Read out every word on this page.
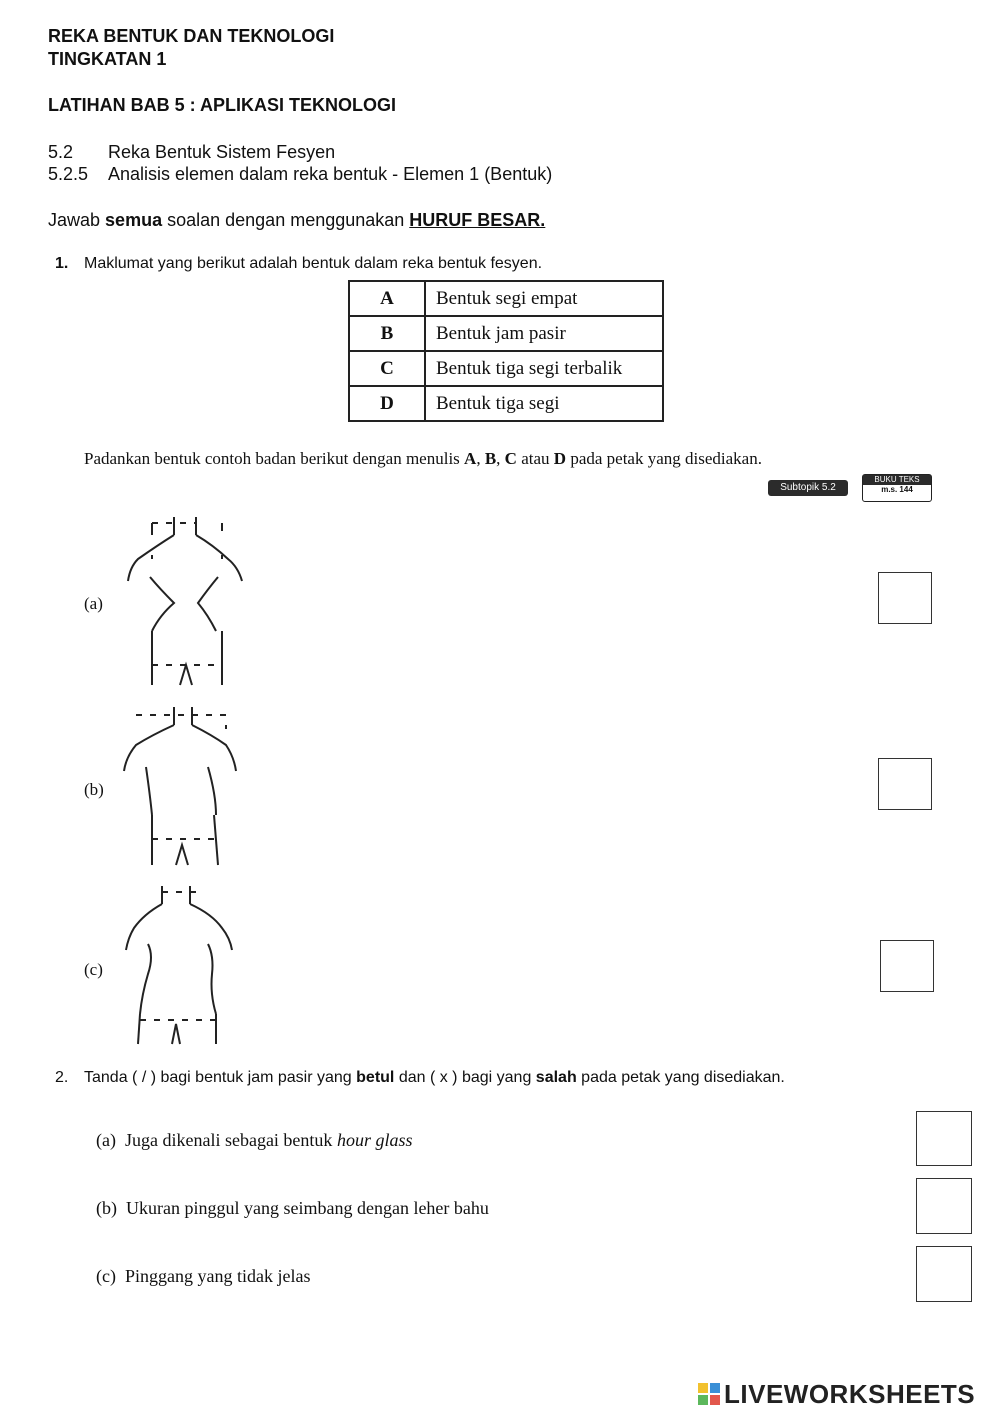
REKA BENTUK DAN TEKNOLOGI
TINGKATAN 1
LATIHAN BAB 5 : APLIKASI TEKNOLOGI
5.2 Reka Bentuk Sistem Fesyen
5.2.5 Analisis elemen dalam reka bentuk - Elemen 1 (Bentuk)
Jawab semua soalan dengan menggunakan HURUF BESAR.
1. Maklumat yang berikut adalah bentuk dalam reka bentuk fesyen.
A	Bentuk segi empat
B	Bentuk jam pasir
C	Bentuk tiga segi terbalik
D	Bentuk tiga segi
Padankan bentuk contoh badan berikut dengan menulis A, B, C atau D pada petak yang disediakan.
Subtopik 5.2
BUKU TEKS
m.s. 144
(a)
(b)
(c)
2. Tanda ( / ) bagi bentuk jam pasir yang betul dan ( x ) bagi yang salah pada petak yang disediakan.
(a) Juga dikenali sebagai bentuk hour glass
(b) Ukuran pinggul yang seimbang dengan leher bahu
(c) Pinggang yang tidak jelas
LIVEWORKSHEETS
